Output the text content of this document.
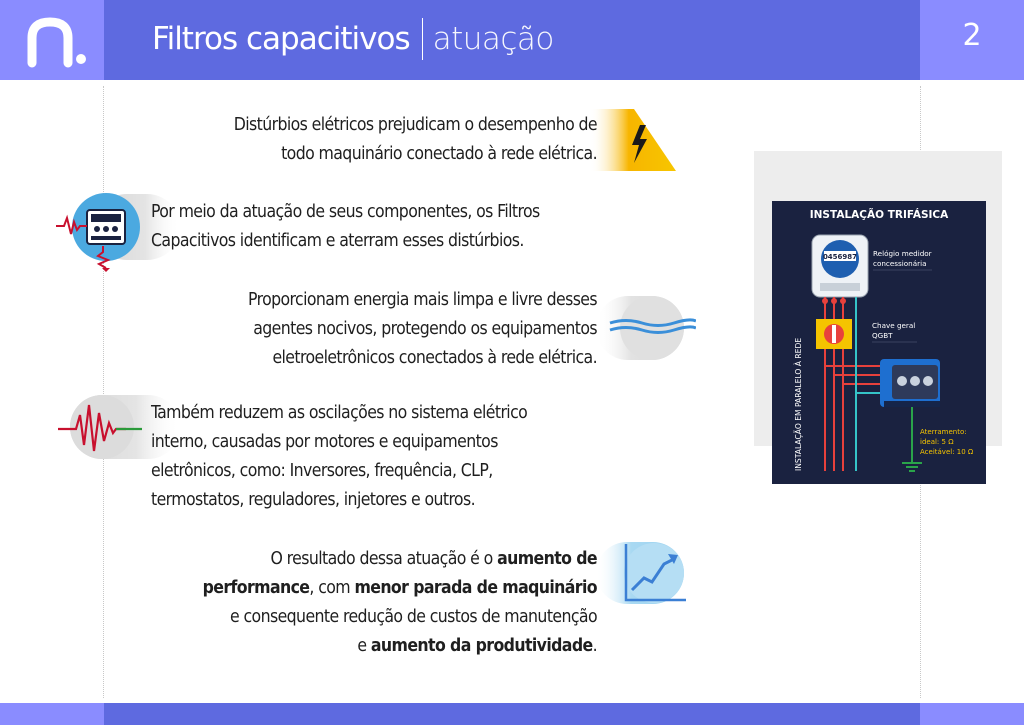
Filtros capacitivos atuação	2
Distúrbios elétricos prejudicam o desempenho de
todo maquinário conectado à rede elétrica.
Por meio da atuação de seus componentes, os Filtros
Capacitivos identificam e aterram esses distúrbios.
Proporcionam energia mais limpa e livre desses
agentes nocivos, protegendo os equipamentos
eletroeletrônicos conectados à rede elétrica.
Também reduzem as oscilações no sistema elétrico
interno, causadas por motores e equipamentos
eletrônicos, como: Inversores, frequência, CLP,
termostatos, reguladores, injetores e outros.
O resultado dessa atuação é o aumento de
performance, com menor parada de maquinário
e consequente redução de custos de manutenção
e aumento da produtividade.
INSTALAÇÃO TRIFÁSICA
INSTALAÇÃO EM PARALELO À REDE
0456987 Relógio medidor
concessionária
Chave geral
QGBT
Aterramento:
ideal: 5 Ω
Aceitável: 10 Ω
